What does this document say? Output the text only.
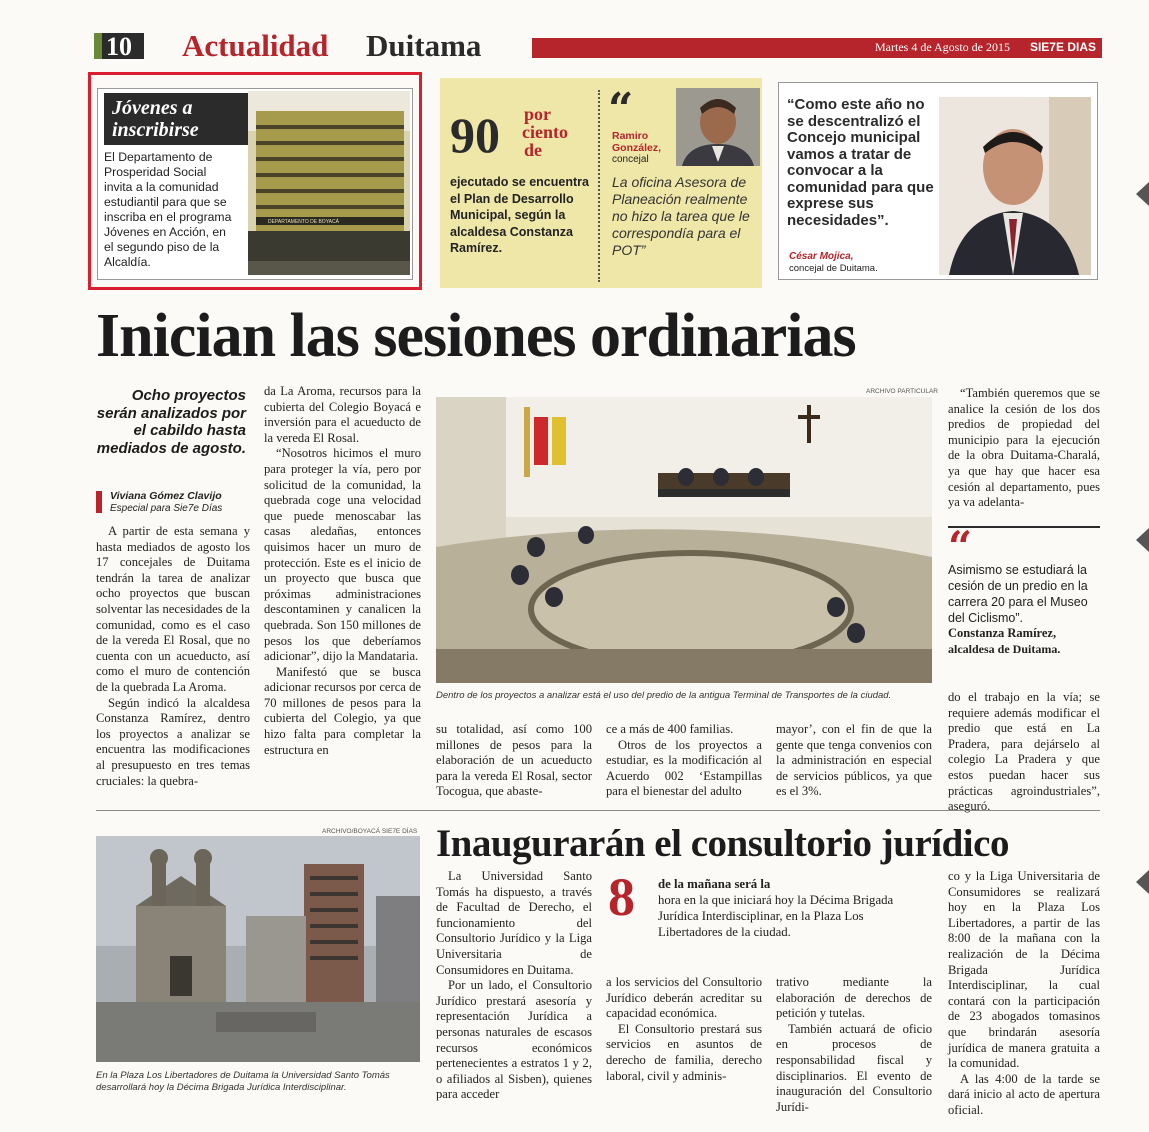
10 Actualidad Duitama	Martes 4 de Agosto de 2015 SIE7E DIAS
Jóvenes a
inscribirse
El Departamento de Prosperidad Social invita a la comunidad estudiantil para que se inscriba en el programa Jóvenes en Acción, en el segundo piso de la Alcaldía.
DEPARTAMENTO DE BOYACÁ
90 por
ciento
de
ejecutado se encuentra el Plan de Desarrollo Municipal, según la alcaldesa Constanza Ramírez.
“
Ramiro
González,
concejal
La oficina Asesora de Planeación realmente no hizo la tarea que le correspondía para el POT”
“Como este año no se descentralizó el Concejo municipal vamos a tratar de convocar a la comunidad para que exprese sus necesidades”.
César Mojica,
concejal de Duitama.
Inician las sesiones ordinarias
Ocho proyectos serán analizados por el cabildo hasta mediados de agosto.
Viviana Gómez Clavijo
Especial para Sie7e Días

A partir de esta semana y hasta mediados de agosto los 17 concejales de Duitama tendrán la tarea de analizar ocho proyectos que buscan solventar las necesidades de la comunidad, como es el caso de la vereda El Rosal, que no cuenta con un acueducto, así como el muro de contención de la quebrada La Aroma.

Según indicó la alcaldesa Constanza Ramírez, dentro los proyectos a analizar se encuentra las modificaciones al presupuesto en tres temas cruciales: la quebra-

da La Aroma, recursos para la cubierta del Colegio Boyacá e inversión para el acueducto de la vereda El Rosal.

“Nosotros hicimos el muro para proteger la vía, pero por solicitud de la comunidad, la quebrada coge una velocidad que puede menoscabar las casas aledañas, entonces quisimos hacer un muro de protección. Este es el inicio de un proyecto que busca que próximas administraciones descontaminen y canalicen la quebrada. Son 150 millones de pesos los que deberíamos adicionar”, dijo la Mandataria.

Manifestó que se busca adicionar recursos por cerca de 70 millones de pesos para la cubierta del Colegio, ya que hizo falta para completar la estructura en

ARCHIVO PARTICULAR
Dentro de los proyectos a analizar está el uso del predio de la antigua Terminal de Transportes de la ciudad.

su totalidad, así como 100 millones de pesos para la elaboración de un acueducto para la vereda El Rosal, sector Tocogua, que abaste-

ce a más de 400 familias.

Otros de los proyectos a estudiar, es la modificación al Acuerdo 002 ‘Estampillas para el bienestar del adulto

mayor’, con el fin de que la gente que tenga convenios con la administración en especial de servicios públicos, ya que es el 3%.

“También queremos que se analice la cesión de los dos predios de propiedad del municipio para la ejecución de la obra Duitama-Charalá, ya que hay que hacer esa cesión al departamento, pues ya va adelanta-

“
Asimismo se estudiará la cesión de un predio en la carrera 20 para el Museo del Ciclismo”.
Constanza Ramírez,
alcaldesa de Duitama.

do el trabajo en la vía; se requiere además modificar el predio que está en La Pradera, para dejárselo al colegio La Pradera y que estos puedan hacer sus prácticas agroindustriales”, aseguró.

ARCHIVO/BOYACÁ SIE7E DÍAS
En la Plaza Los Libertadores de Duitama la Universidad Santo Tomás desarrollará hoy la Décima Brigada Jurídica Interdisciplinar.
Inaugurarán el consultorio jurídico

La Universidad Santo Tomás ha dispuesto, a través de Facultad de Derecho, el funcionamiento del Consultorio Jurídico y la Liga Universitaria de Consumidores en Duitama.

Por un lado, el Consultorio Jurídico prestará asesoría y representación Jurídica a personas naturales de escasos recursos económicos pertenecientes a estratos 1 y 2, o afiliados al Sisben), quienes para acceder

8 de la mañana será la
hora en la que iniciará hoy la Décima Brigada Jurídica Interdisciplinar, en la Plaza Los Libertadores de la ciudad.

a los servicios del Consultorio Jurídico deberán acreditar su capacidad económica.

El Consultorio prestará sus servicios en asuntos de derecho de familia, derecho laboral, civil y adminis-

trativo mediante la elaboración de derechos de petición y tutelas.

También actuará de oficio en procesos de responsabilidad fiscal y disciplinarios. El evento de inauguración del Consultorio Jurídi-

co y la Liga Universitaria de Consumidores se realizará hoy en la Plaza Los Libertadores, a partir de las 8:00 de la mañana con la realización de la Décima Brigada Jurídica Interdisciplinar, la cual contará con la participación de 23 abogados tomasinos que brindarán asesoría jurídica de manera gratuita a la comunidad.

A las 4:00 de la tarde se dará inicio al acto de apertura oficial.
